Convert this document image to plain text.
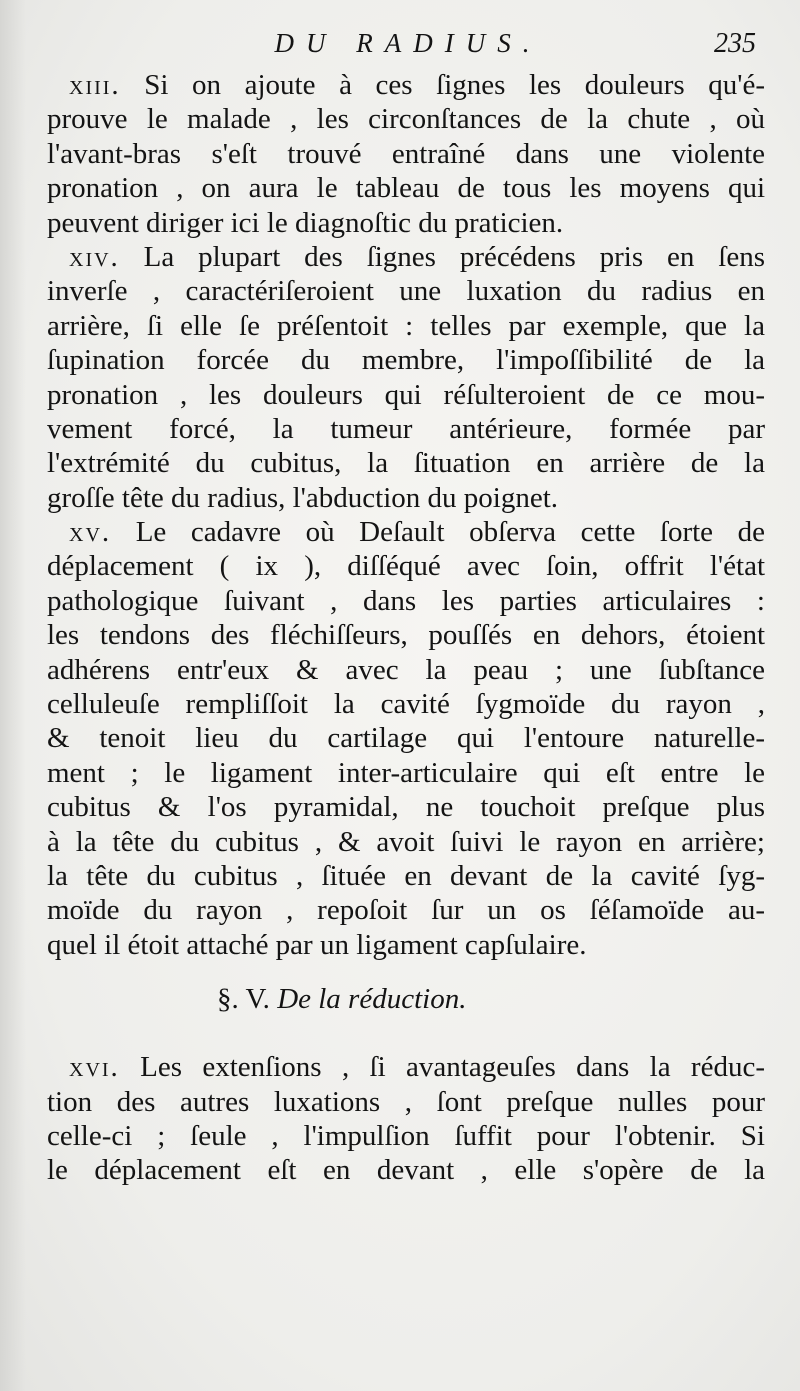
DU RADIUS.	235
xiii. Si on ajoute à ces ſignes les douleurs qu'é-
prouve le malade , les circonſtances de la chute , où
l'avant-bras s'eſt trouvé entraîné dans une violente
pronation , on aura le tableau de tous les moyens qui
peuvent diriger ici le diagnoſtic du praticien.
xiv. La plupart des ſignes précédens pris en ſens
inverſe , caractériſeroient une luxation du radius en
arrière, ſi elle ſe préſentoit : telles par exemple, que la
ſupination forcée du membre, l'impoſſibilité de la
pronation , les douleurs qui réſulteroient de ce mou-
vement forcé, la tumeur antérieure, formée par
l'extrémité du cubitus, la ſituation en arrière de la
groſſe tête du radius, l'abduction du poignet.
xv. Le cadavre où Deſault obſerva cette ſorte de
déplacement ( ix ), diſſéqué avec ſoin, offrit l'état
pathologique ſuivant , dans les parties articulaires :
les tendons des fléchiſſeurs, pouſſés en dehors, étoient
adhérens entr'eux & avec la peau ; une ſubſtance
celluleuſe rempliſſoit la cavité ſygmoïde du rayon ,
& tenoit lieu du cartilage qui l'entoure naturelle-
ment ; le ligament inter-articulaire qui eſt entre le
cubitus & l'os pyramidal, ne touchoit preſque plus
à la tête du cubitus , & avoit ſuivi le rayon en arrière;
la tête du cubitus , ſituée en devant de la cavité ſyg-
moïde du rayon , repoſoit ſur un os ſéſamoïde au-
quel il étoit attaché par un ligament capſulaire.
§. V. De la réduction.
xvi. Les extenſions , ſi avantageuſes dans la réduc-
tion des autres luxations , ſont preſque nulles pour
celle-ci ; ſeule , l'impulſion ſuffit pour l'obtenir. Si
le déplacement eſt en devant , elle s'opère de la
